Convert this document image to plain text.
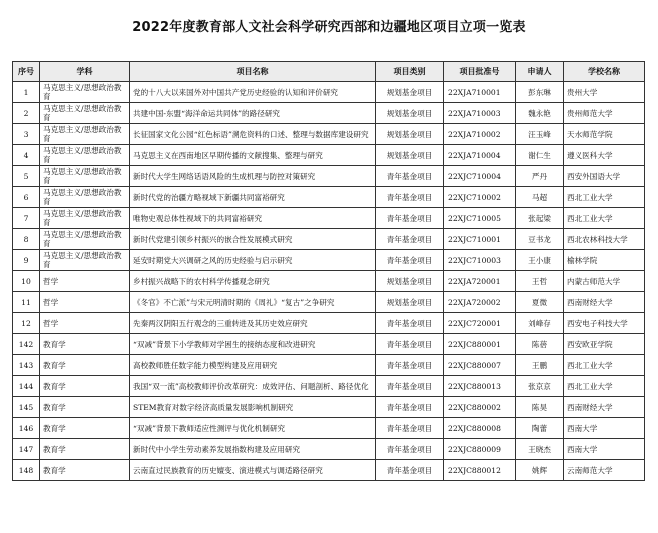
2022年度教育部人文社会科学研究西部和边疆地区项目立项一览表
序号	学科	项目名称	项目类别	项目批准号	申请人	学校名称
1	马克思主义/思想政治教育	党的十八大以来国外对中国共产党历史经验的认知和评价研究	规划基金项目	22XJA710001	彭东琳	贵州大学
2	马克思主义/思想政治教育	共建中国-东盟“海洋命运共同体”的路径研究	规划基金项目	22XJA710003	魏永艳	贵州师范大学
3	马克思主义/思想政治教育	长征国家文化公园“红色标语”溯危资料的口述、整理与数据库建设研究	规划基金项目	22XJA710002	汪玉峰	天水师范学院
4	马克思主义/思想政治教育	马克思主义在西南地区早期传播的文献搜集、整理与研究	规划基金项目	22XJA710004	谢仁生	遵义医科大学
5	马克思主义/思想政治教育	新时代大学生网络话语风险的生成机理与防控对策研究	青年基金项目	22XJC710004	严丹	西安外国语大学
6	马克思主义/思想政治教育	新时代党的治疆方略视域下新疆共同富裕研究	青年基金项目	22XJC710002	马超	西北工业大学
7	马克思主义/思想政治教育	唯物史观总体性视域下的共同富裕研究	青年基金项目	22XJC710005	张起梁	西北工业大学
8	马克思主义/思想政治教育	新时代党建引领乡村振兴的嵌合性发展模式研究	青年基金项目	22XJC710001	豆书龙	西北农林科技大学
9	马克思主义/思想政治教育	延安时期党大兴调研之风的历史经验与启示研究	青年基金项目	22XJC710003	王小康	榆林学院
10	哲学	乡村振兴战略下的农村科学传播观念研究	规划基金项目	22XJA720001	王哲	内蒙古师范大学
11	哲学	《冬官》不亡派”与宋元明清时期的《周礼》“复古”之争研究	规划基金项目	22XJA720002	夏微	西南财经大学
12	哲学	先秦两汉阴阳五行观念的三重转进及其历史效应研究	青年基金项目	22XJC720001	刘峰存	西安电子科技大学
142	教育学	“双减”背景下小学教师对学困生的接纳态度和改进研究	青年基金项目	22XJC880001	陈蓓	西安欧亚学院
143	教育学	高校教师胜任数字能力模型构建及应用研究	青年基金项目	22XJC880007	王鹏	西北工业大学
144	教育学	我国“双一流”高校教师评价改革研究：成效评估、问题剖析、路径优化	青年基金项目	22XJC880013	张京京	西北工业大学
145	教育学	STEM教育对数字经济高质量发展影响机制研究	青年基金项目	22XJC880002	陈昊	西南财经大学
146	教育学	“双减”背景下教师适应性测评与优化机制研究	青年基金项目	22XJC880008	陶蕾	西南大学
147	教育学	新时代中小学生劳动素养发展指数构建及应用研究	青年基金项目	22XJC880009	王晓杰	西南大学
148	教育学	云南直过民族教育的历史嬗变、演进模式与调适路径研究	青年基金项目	22XJC880012	姚辉	云南师范大学
